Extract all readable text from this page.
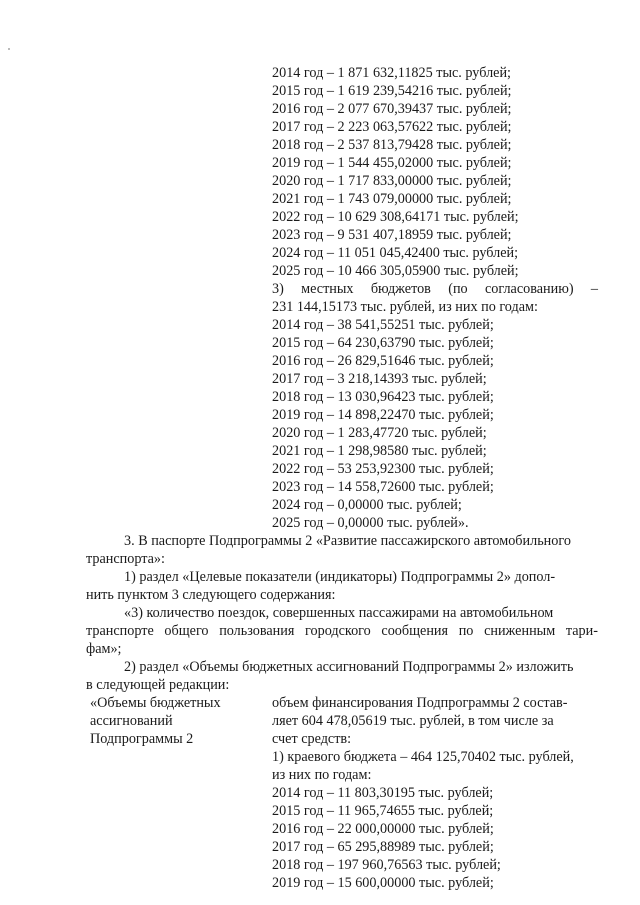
2014 год – 1 871 632,11825 тыс. рублей;
2015 год – 1 619 239,54216 тыс. рублей;
2016 год – 2 077 670,39437 тыс. рублей;
2017 год – 2 223 063,57622 тыс. рублей;
2018 год – 2 537 813,79428 тыс. рублей;
2019 год – 1 544 455,02000 тыс. рублей;
2020 год – 1 717 833,00000 тыс. рублей;
2021 год – 1 743 079,00000 тыс. рублей;
2022 год – 10 629 308,64171 тыс. рублей;
2023 год – 9 531 407,18959 тыс. рублей;
2024 год – 11 051 045,42400 тыс. рублей;
2025 год – 10 466 305,05900 тыс. рублей;
3) местных бюджетов (по согласованию) –
231 144,15173 тыс. рублей, из них по годам:
2014 год – 38 541,55251 тыс. рублей;
2015 год – 64 230,63790 тыс. рублей;
2016 год – 26 829,51646 тыс. рублей;
2017 год – 3 218,14393 тыс. рублей;
2018 год – 13 030,96423 тыс. рублей;
2019 год – 14 898,22470 тыс. рублей;
2020 год – 1 283,47720 тыс. рублей;
2021 год – 1 298,98580 тыс. рублей;
2022 год – 53 253,92300 тыс. рублей;
2023 год – 14 558,72600 тыс. рублей;
2024 год – 0,00000 тыс. рублей;
2025 год – 0,00000 тыс. рублей».
3. В паспорте Подпрограммы 2 «Развитие пассажирского автомобильного
транспорта»:
1) раздел «Целевые показатели (индикаторы) Подпрограммы 2» допол-
нить пунктом 3 следующего содержания:
«3) количество поездок, совершенных пассажирами на автомобильном
транспорте общего пользования городского сообщения по сниженным тари-
фам»;
2) раздел «Объемы бюджетных ассигнований Подпрограммы 2» изложить
в следующей редакции:
«Объемы бюджетных
ассигнований
Подпрограммы 2
объем финансирования Подпрограммы 2 состав-
ляет 604 478,05619 тыс. рублей, в том числе за
счет средств:
1) краевого бюджета – 464 125,70402 тыс. рублей,
из них по годам:
2014 год – 11 803,30195 тыс. рублей;
2015 год – 11 965,74655 тыс. рублей;
2016 год – 22 000,00000 тыс. рублей;
2017 год – 65 295,88989 тыс. рублей;
2018 год – 197 960,76563 тыс. рублей;
2019 год – 15 600,00000 тыс. рублей;
